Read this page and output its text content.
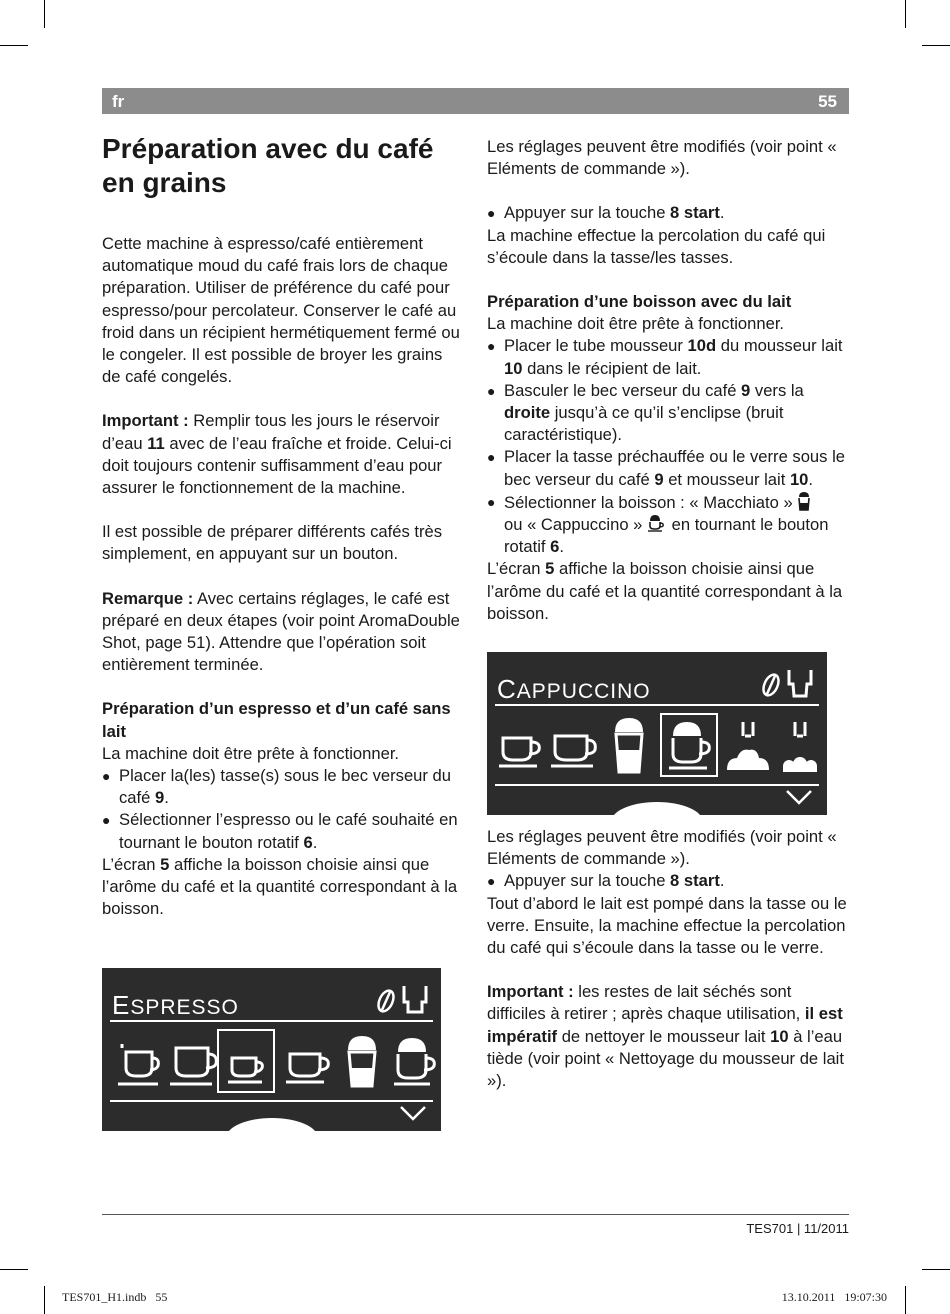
fr	55
Préparation avec du café en grains

Cette machine à espresso/café entièrement automatique moud du café frais lors de chaque préparation. Utiliser de préférence du café pour espresso/pour percolateur. Conserver le café au froid dans un récipient hermétiquement fermé ou le congeler. Il est possible de broyer les grains de café congelés.

Important : Remplir tous les jours le réservoir d’eau 11 avec de l’eau fraîche et froide. Celui-ci doit toujours contenir suffisamment d’eau pour assurer le fonctionnement de la machine.

Il est possible de préparer différents cafés très simplement, en appuyant sur un bouton.

Remarque : Avec certains réglages, le café est préparé en deux étapes (voir point AromaDouble Shot, page 51). Attendre que l’opération soit entièrement terminée.

Préparation d’un espresso et d’un café sans lait

La machine doit être prête à fonctionner.

● Placer la(les) tasse(s) sous le bec verseur du café 9.

● Sélectionner l’espresso ou le café souhaité en tournant le bouton rotatif 6.

L’écran 5 affiche la boisson choisie ainsi que l’arôme du café et la quantité correspondant à la boisson.

ESPRESSO

Les réglages peuvent être modifiés (voir point « Eléments de commande »).

● Appuyer sur la touche 8 start.

La machine effectue la percolation du café qui s’écoule dans la tasse/les tasses.

Préparation d’une boisson avec du lait

La machine doit être prête à fonctionner.

● Placer le tube mousseur 10d du mousseur lait 10 dans le récipient de lait.

● Basculer le bec verseur du café 9 vers la droite jusqu’à ce qu’il s’enclipse (bruit caractéristique).

● Placer la tasse préchauffée ou le verre sous le bec verseur du café 9 et mousseur lait 10.

● Sélectionner la boisson : « Macchiato »
ou « Cappuccino »  en tournant le bouton rotatif 6.

L’écran 5 affiche la boisson choisie ainsi que l’arôme du café et la quantité correspondant à la boisson.

CAPPUCCINO

Les réglages peuvent être modifiés (voir point « Eléments de commande »).

● Appuyer sur la touche 8 start.

Tout d’abord le lait est pompé dans la tasse ou le verre. Ensuite, la machine effectue la percolation du café qui s’écoule dans la tasse ou le verre.

Important : les restes de lait séchés sont difficiles à retirer ; après chaque utilisation, il est impératif de nettoyer le mousseur lait 10 à l’eau tiède (voir point « Nettoyage du mousseur de lait »).

TES701 | 11/2011
TES701_H1.indb   55	13.10.2011   19:07:30
